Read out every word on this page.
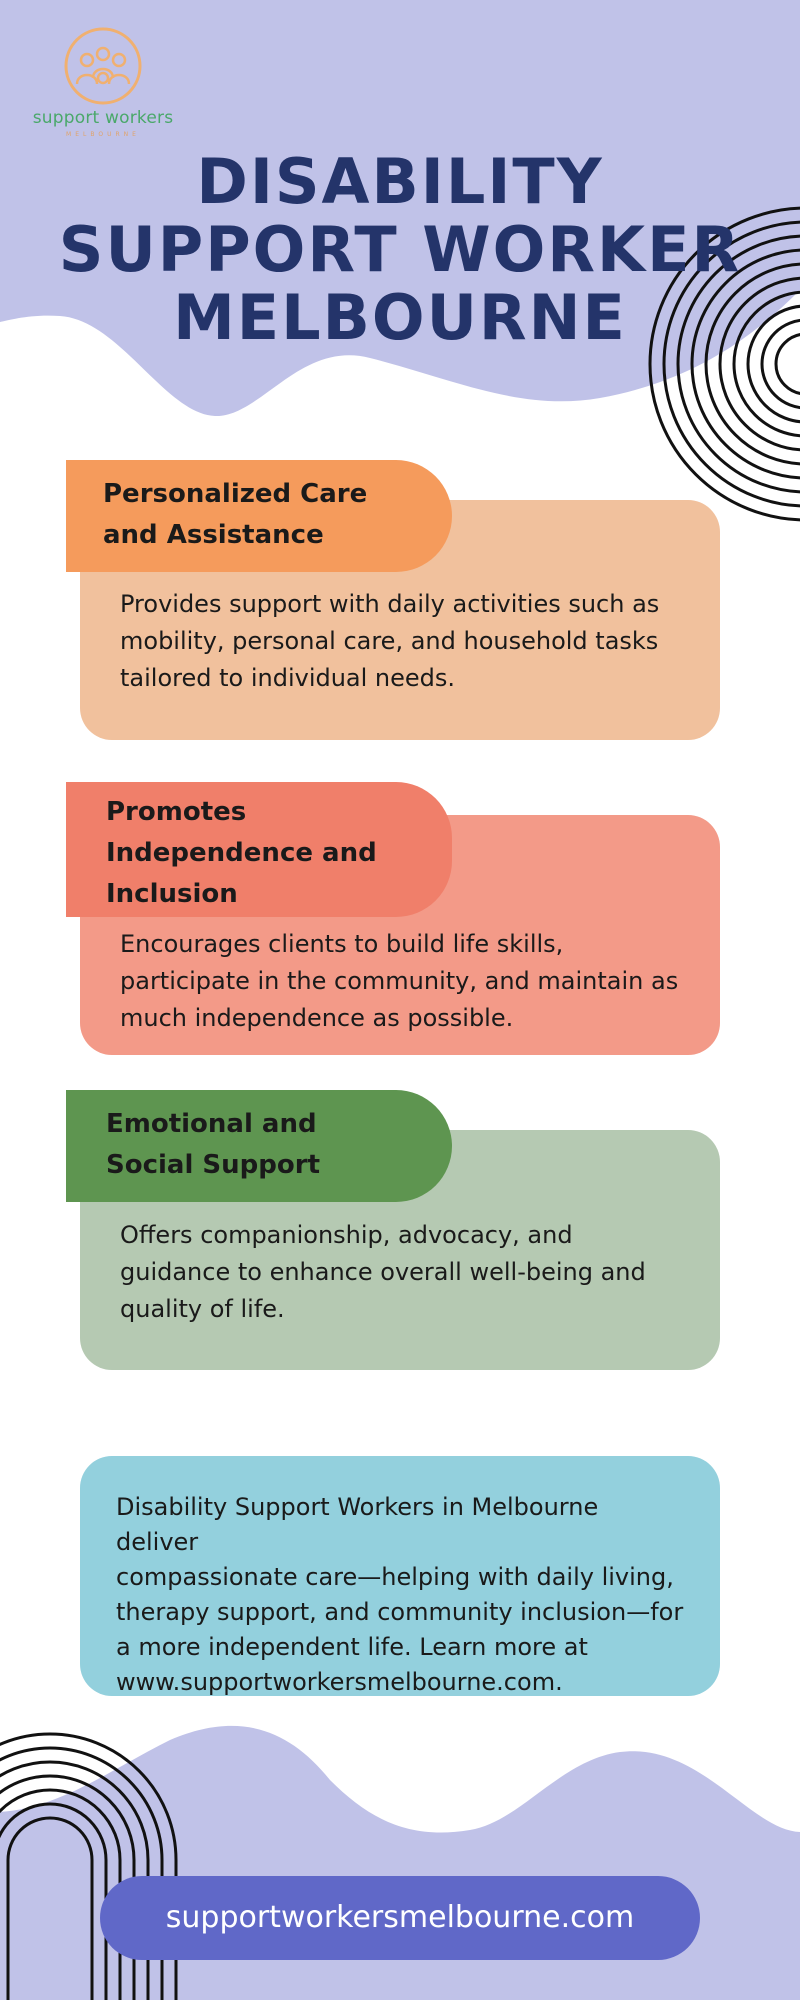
support workers
MELBOURNE
DISABILITY
SUPPORT WORKER
MELBOURNE
Personalized Care
and Assistance
Provides support with daily activities such as
mobility, personal care, and household tasks
tailored to individual needs.
Promotes
Independence and
Inclusion
Encourages clients to build life skills,
participate in the community, and maintain as
much independence as possible.
Emotional and
Social Support
Offers companionship, advocacy, and
guidance to enhance overall well-being and
quality of life.
Disability Support Workers in Melbourne deliver
compassionate care—helping with daily living,
therapy support, and community inclusion—for
a more independent life. Learn more at
www.supportworkersmelbourne.com.
supportworkersmelbourne.com
